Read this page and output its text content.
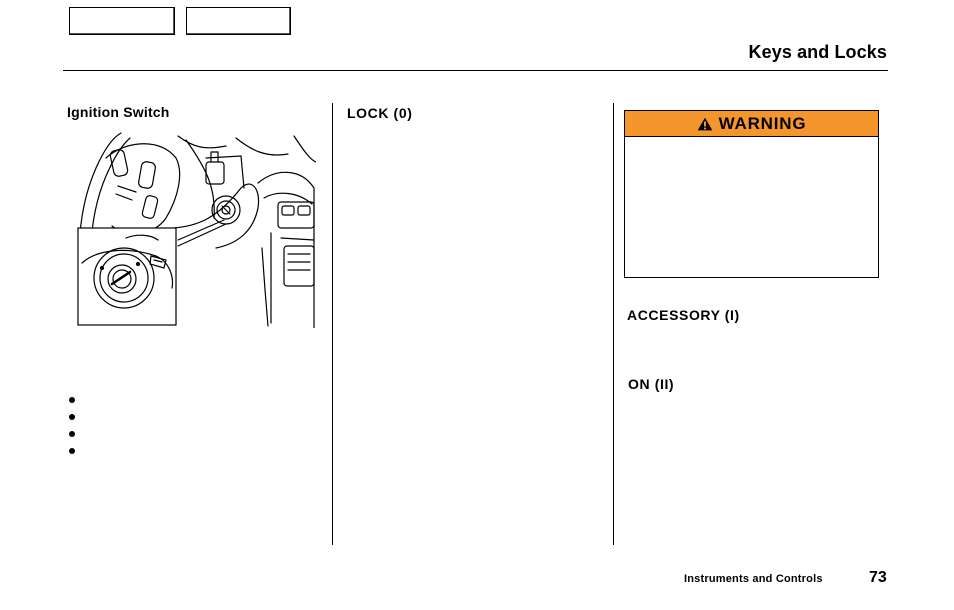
Keys and Locks
Ignition Switch	LOCK (0)
WARNING
ACCESSORY (I)
ON (II)
Instruments and Controls	73
